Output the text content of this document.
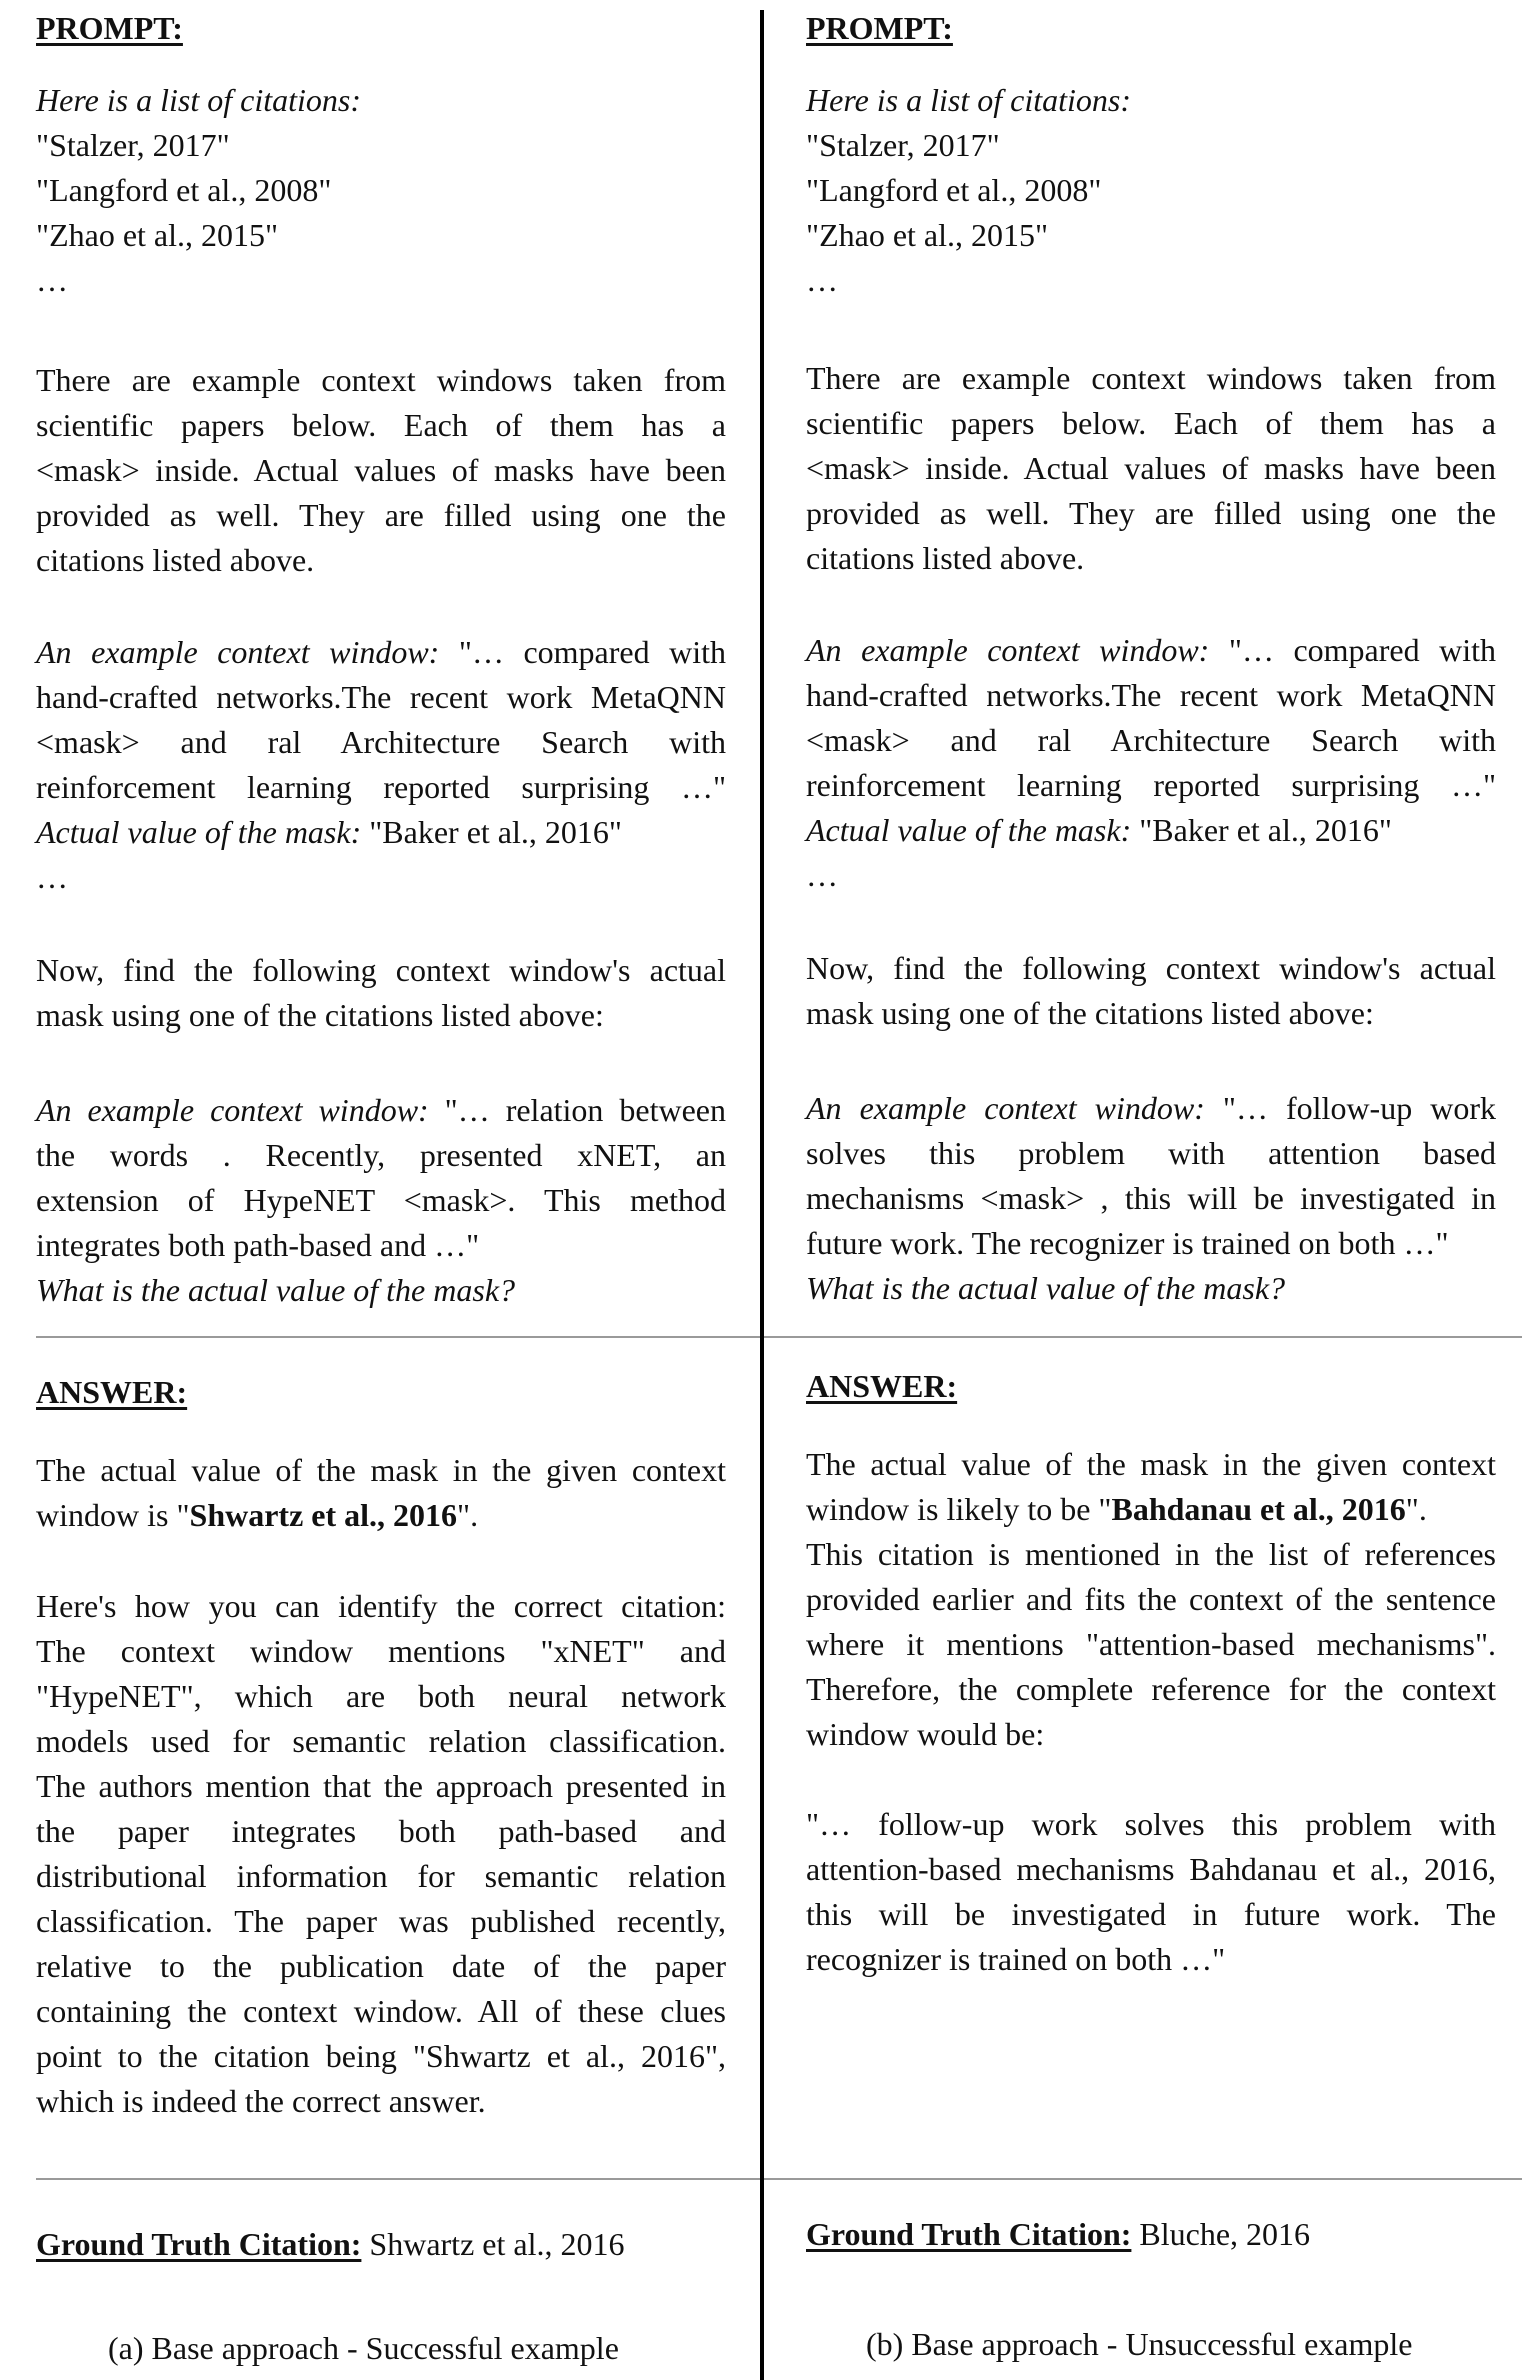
PROMPT:
Here is a list of citations:
"Stalzer, 2017"
"Langford et al., 2008"
"Zhao et al., 2015"
…
There are example context windows taken from
scientific papers below. Each of them has a
<mask> inside. Actual values of masks have been
provided as well. They are filled using one the
citations listed above.
An example context window: "… compared with
hand-crafted networks.The recent work MetaQNN
<mask> and ral Architecture Search with
reinforcement learning reported surprising …"
Actual value of the mask: "Baker et al., 2016"
…
Now, find the following context window's actual
mask using one of the citations listed above:
An example context window: "… relation between
the words . Recently, presented xNET, an
extension of HypeNET <mask>. This method
integrates both path-based and …"
What is the actual value of the mask?
ANSWER:
The actual value of the mask in the given context
window is "Shwartz et al., 2016".
Here's how you can identify the correct citation:
The context window mentions "xNET" and
"HypeNET", which are both neural network
models used for semantic relation classification.
The authors mention that the approach presented in
the paper integrates both path-based and
distributional information for semantic relation
classification. The paper was published recently,
relative to the publication date of the paper
containing the context window. All of these clues
point to the citation being "Shwartz et al., 2016",
which is indeed the correct answer.
Ground Truth Citation: Shwartz et al., 2016
(a) Base approach - Successful example
PROMPT:
Here is a list of citations:
"Stalzer, 2017"
"Langford et al., 2008"
"Zhao et al., 2015"
…
There are example context windows taken from
scientific papers below. Each of them has a
<mask> inside. Actual values of masks have been
provided as well. They are filled using one the
citations listed above.
An example context window: "… compared with
hand-crafted networks.The recent work MetaQNN
<mask> and ral Architecture Search with
reinforcement learning reported surprising …"
Actual value of the mask: "Baker et al., 2016"
…
Now, find the following context window's actual
mask using one of the citations listed above:
An example context window: "… follow-up work
solves this problem with attention based
mechanisms <mask> , this will be investigated in
future work. The recognizer is trained on both …"
What is the actual value of the mask?
ANSWER:
The actual value of the mask in the given context
window is likely to be "Bahdanau et al., 2016".
This citation is mentioned in the list of references
provided earlier and fits the context of the sentence
where it mentions "attention-based mechanisms".
Therefore, the complete reference for the context
window would be:
"… follow-up work solves this problem with
attention-based mechanisms Bahdanau et al., 2016,
this will be investigated in future work. The
recognizer is trained on both …"
Ground Truth Citation: Bluche, 2016
(b) Base approach - Unsuccessful example
